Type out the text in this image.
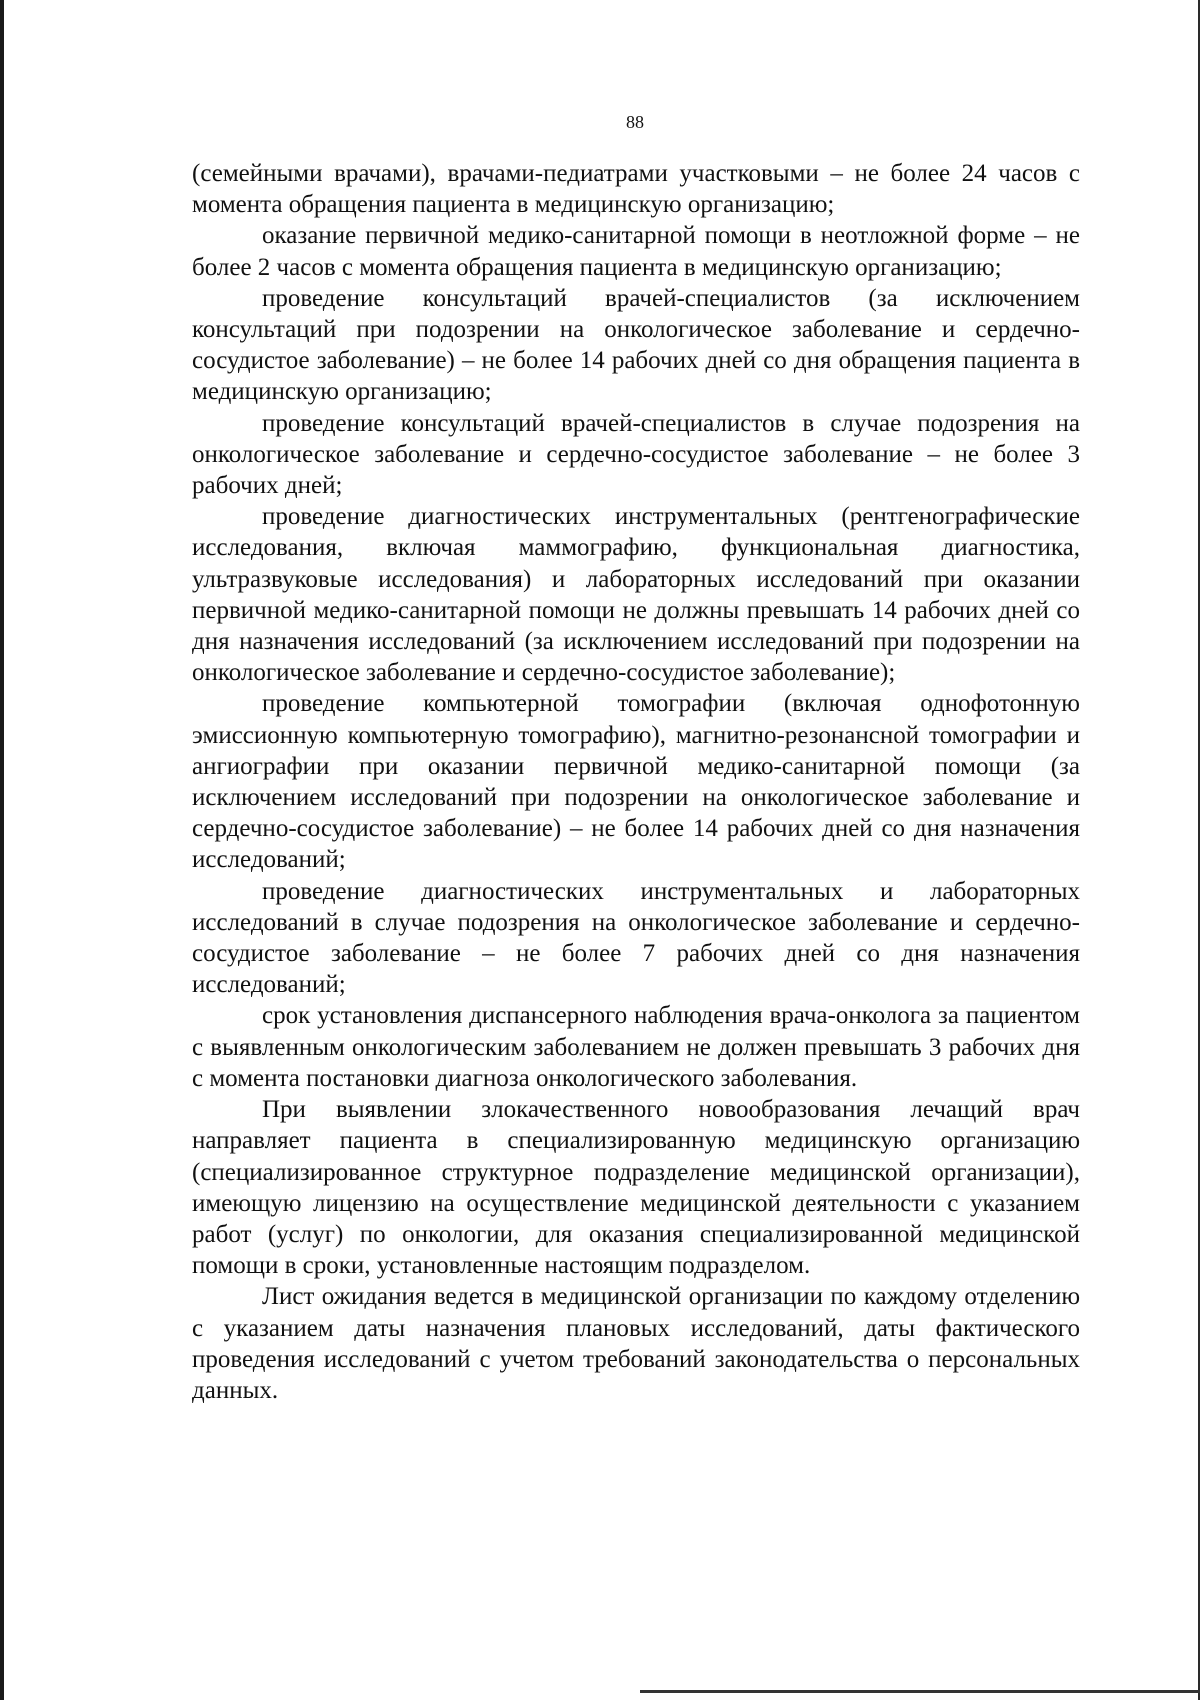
88

(семейными врачами), врачами-педиатрами участковыми – не более 24 часов с момента обращения пациента в медицинскую организацию;

оказание первичной медико-санитарной помощи в неотложной форме – не более 2 часов с момента обращения пациента в медицинскую организацию;

проведение консультаций врачей-специалистов (за исключением консультаций при подозрении на онкологическое заболевание и сердечно-сосудистое заболевание) – не более 14 рабочих дней со дня обращения пациента в медицинскую организацию;

проведение консультаций врачей-специалистов в случае подозрения на онкологическое заболевание и сердечно-сосудистое заболевание – не более 3 рабочих дней;

проведение диагностических инструментальных (рентгенографические исследования, включая маммографию, функциональная диагностика, ультразвуковые исследования) и лабораторных исследований при оказании первичной медико-санитарной помощи не должны превышать 14 рабочих дней со дня назначения исследований (за исключением исследований при подозрении на онкологическое заболевание и сердечно-сосудистое заболевание);

проведение компьютерной томографии (включая однофотонную эмиссионную компьютерную томографию), магнитно-резонансной томографии и ангиографии при оказании первичной медико-санитарной помощи (за исключением исследований при подозрении на онкологическое заболевание и сердечно-сосудистое заболевание) – не более 14 рабочих дней со дня назначения исследований;

проведение диагностических инструментальных и лабораторных исследований в случае подозрения на онкологическое заболевание и сердечно-сосудистое заболевание – не более 7 рабочих дней со дня назначения исследований;

срок установления диспансерного наблюдения врача-онколога за пациентом с выявленным онкологическим заболеванием не должен превышать 3 рабочих дня с момента постановки диагноза онкологического заболевания.

При выявлении злокачественного новообразования лечащий врач направляет пациента в специализированную медицинскую организацию (специализированное структурное подразделение медицинской организации), имеющую лицензию на осуществление медицинской деятельности с указанием работ (услуг) по онкологии, для оказания специализированной медицинской помощи в сроки, установленные настоящим подразделом.

Лист ожидания ведется в медицинской организации по каждому отделению с указанием даты назначения плановых исследований, даты фактического проведения исследований с учетом требований законодательства о персональных данных.
